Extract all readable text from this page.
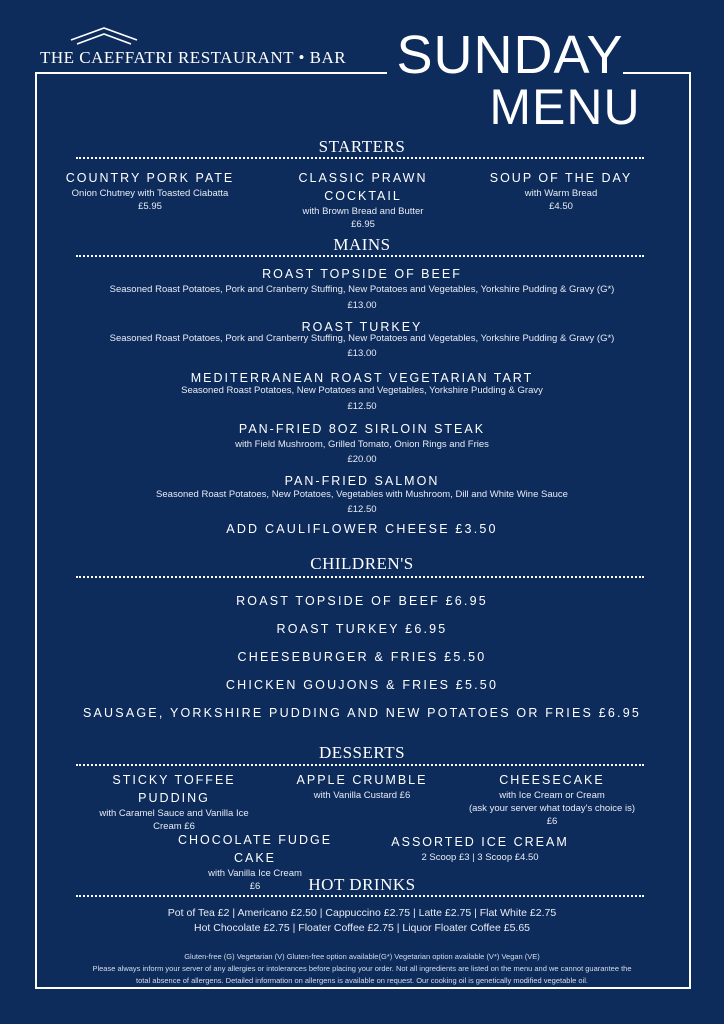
THE CAEFFATRI RESTAURANT • BAR SUNDAY
MENU
STARTERS
COUNTRY PORK PATE
Onion Chutney with Toasted Ciabatta
£5.95
CLASSIC PRAWN
COCKTAIL
with Brown Bread and Butter
£6.95
SOUP OF THE DAY
with Warm Bread
£4.50
MAINS
ROAST TOPSIDE OF BEEF
Seasoned Roast Potatoes, Pork and Cranberry Stuffing, New Potatoes and Vegetables, Yorkshire Pudding & Gravy (G*)
£13.00
ROAST TURKEY
Seasoned Roast Potatoes, Pork and Cranberry Stuffing, New Potatoes and Vegetables, Yorkshire Pudding & Gravy (G*)
£13.00
MEDITERRANEAN ROAST VEGETARIAN TART
Seasoned Roast Potatoes, New Potatoes and Vegetables, Yorkshire Pudding & Gravy
£12.50
PAN-FRIED 8OZ SIRLOIN STEAK
with Field Mushroom, Grilled Tomato, Onion Rings and Fries
£20.00
PAN-FRIED SALMON
Seasoned Roast Potatoes, New Potatoes, Vegetables with Mushroom, Dill and White Wine Sauce
£12.50
ADD CAULIFLOWER CHEESE £3.50
CHILDREN'S
ROAST TOPSIDE OF BEEF £6.95
ROAST TURKEY £6.95
CHEESEBURGER & FRIES £5.50
CHICKEN GOUJONS & FRIES £5.50
SAUSAGE, YORKSHIRE PUDDING AND NEW POTATOES OR FRIES £6.95
DESSERTS
STICKY TOFFEE PUDDING
with Caramel Sauce and Vanilla Ice
Cream £6
APPLE CRUMBLE
with Vanilla Custard £6
CHEESECAKE
with Ice Cream or Cream
(ask your server what today's choice is)
£6
CHOCOLATE FUDGE CAKE
with Vanilla Ice Cream
£6
ASSORTED ICE CREAM
2 Scoop £3 | 3 Scoop £4.50
HOT DRINKS
Pot of Tea £2 | Americano £2.50 | Cappuccino £2.75 | Latte £2.75 | Flat White £2.75
Hot Chocolate £2.75 | Floater Coffee £2.75 | Liquor Floater Coffee £5.65
Gluten-free (G) Vegetarian (V) Gluten-free option available(G*) Vegetarian option available (V*) Vegan (VE)
Please always inform your server of any allergies or intolerances before placing your order. Not all ingredients are listed on the menu and we cannot guarantee the
total absence of allergens. Detailed information on allergens is available on request. Our cooking oil is genetically modified vegetable oil.
